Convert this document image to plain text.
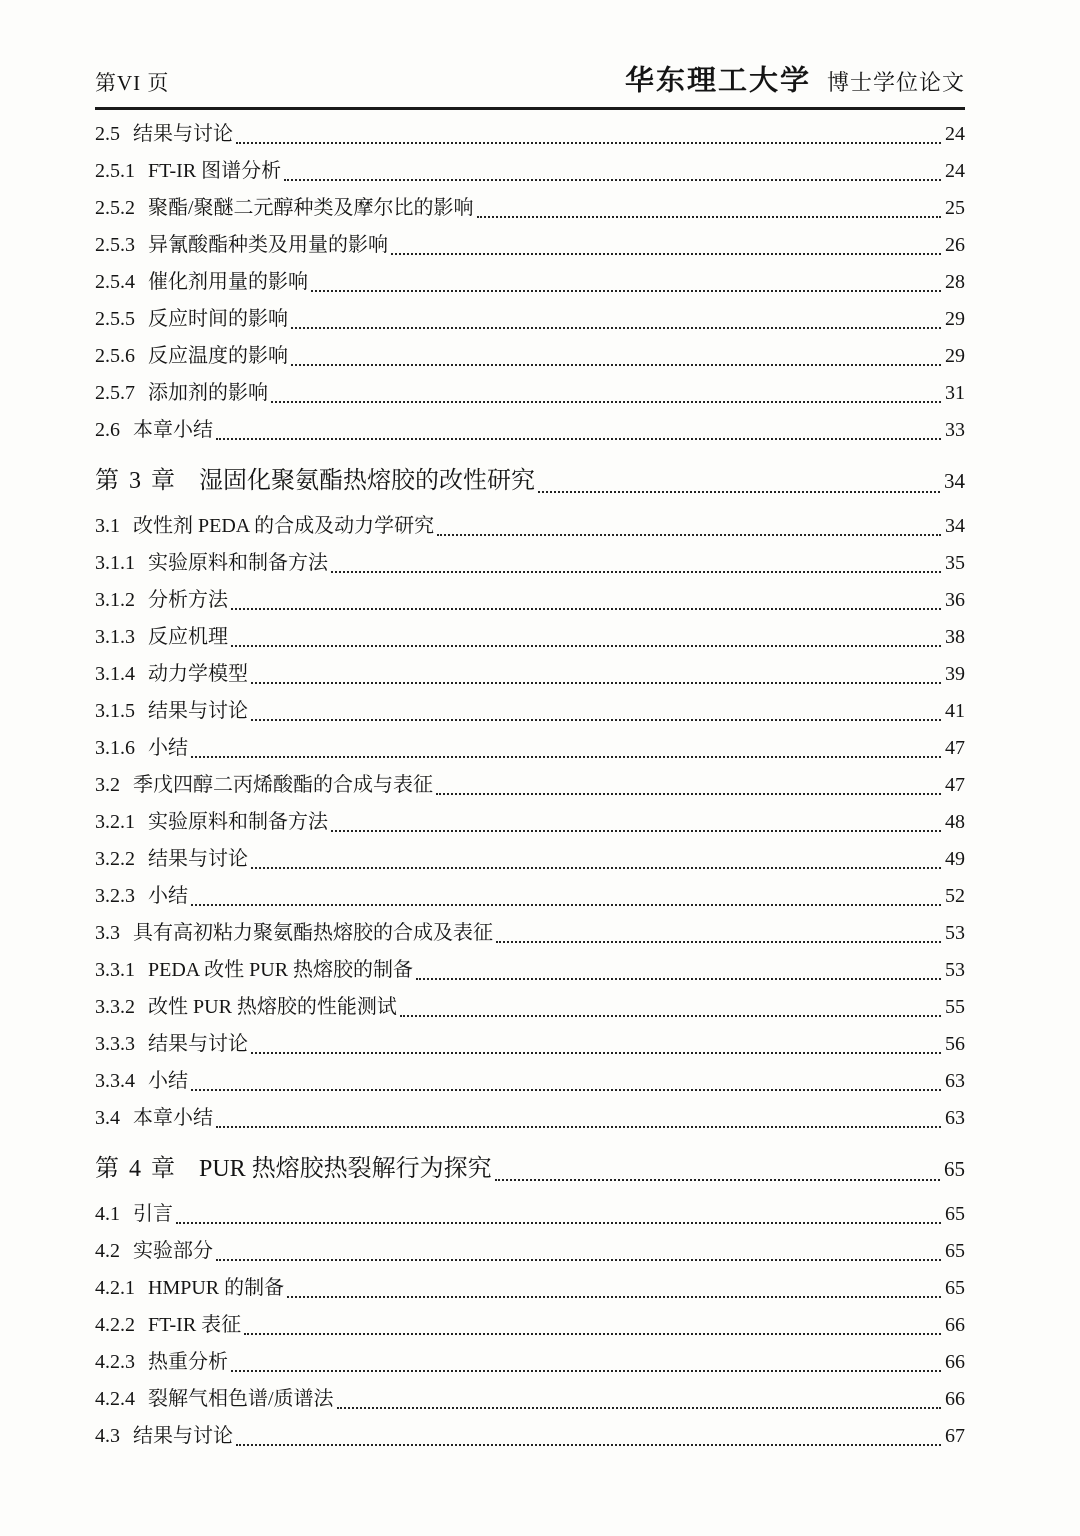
第VI 页	华东理工大学 博士学位论文
2.5 结果与讨论	24
2.5.1 FT-IR 图谱分析	24
2.5.2 聚酯/聚醚二元醇种类及摩尔比的影响	25
2.5.3 异氰酸酯种类及用量的影响	26
2.5.4 催化剂用量的影响	28
2.5.5 反应时间的影响	29
2.5.6 反应温度的影响	29
2.5.7 添加剂的影响	31
2.6 本章小结	33
第 3 章 湿固化聚氨酯热熔胶的改性研究	34
3.1 改性剂 PEDA 的合成及动力学研究	34
3.1.1 实验原料和制备方法	35
3.1.2 分析方法	36
3.1.3 反应机理	38
3.1.4 动力学模型	39
3.1.5 结果与讨论	41
3.1.6 小结	47
3.2 季戊四醇二丙烯酸酯的合成与表征	47
3.2.1 实验原料和制备方法	48
3.2.2 结果与讨论	49
3.2.3 小结	52
3.3 具有高初粘力聚氨酯热熔胶的合成及表征	53
3.3.1 PEDA 改性 PUR 热熔胶的制备	53
3.3.2 改性 PUR 热熔胶的性能测试	55
3.3.3 结果与讨论	56
3.3.4 小结	63
3.4 本章小结	63
第 4 章 PUR 热熔胶热裂解行为探究	65
4.1 引言	65
4.2 实验部分	65
4.2.1 HMPUR 的制备	65
4.2.2 FT-IR 表征	66
4.2.3 热重分析	66
4.2.4 裂解气相色谱/质谱法	66
4.3 结果与讨论	67
